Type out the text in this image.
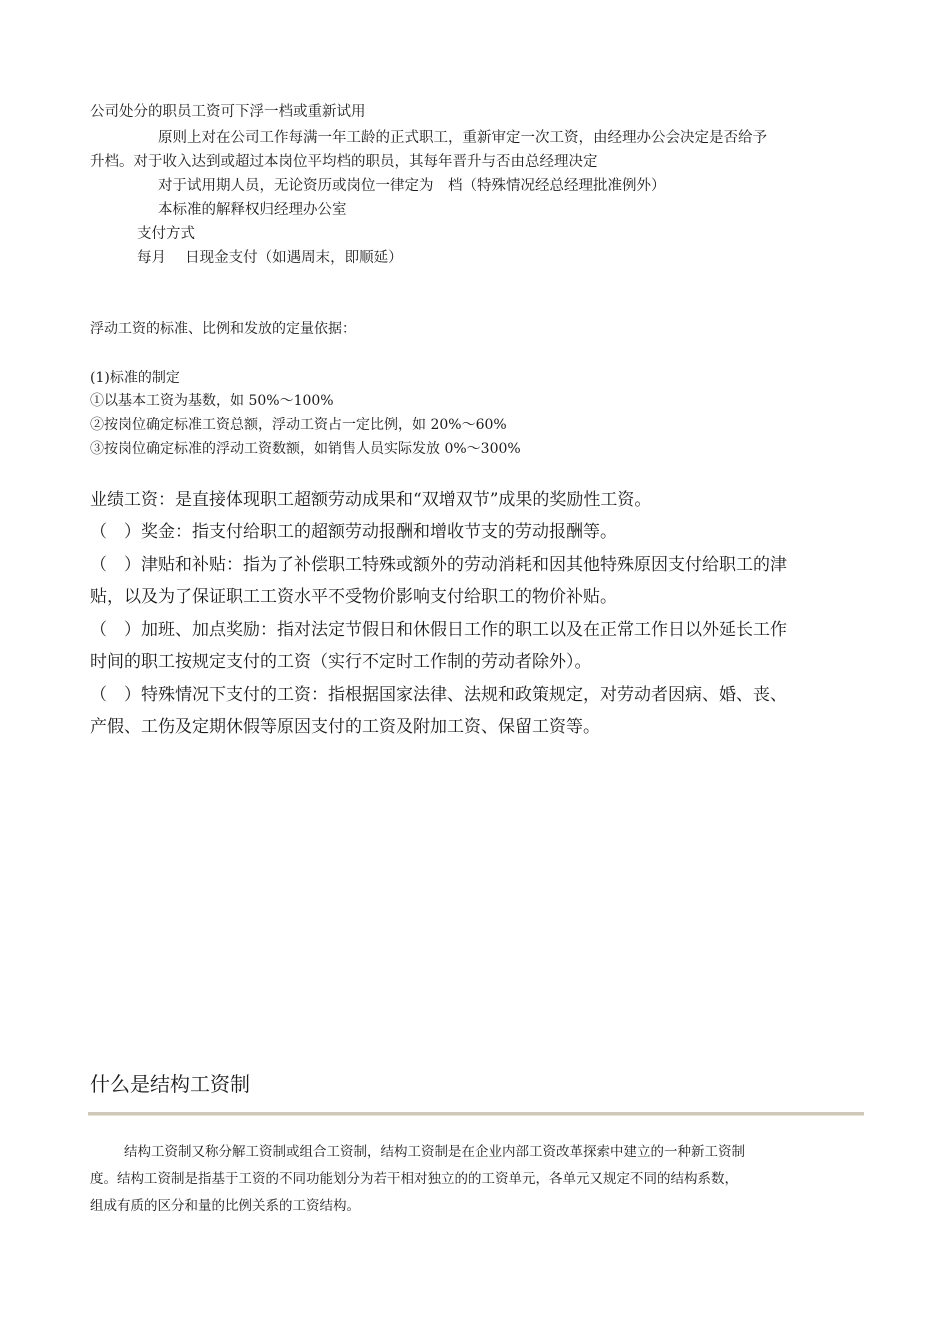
公司处分的职员工资可下浮一档或重新试用

原则上对在公司工作每满一年工龄的正式职工，重新审定一次工资，由经理办公会决定是否给予

升档。对于收入达到或超过本岗位平均档的职员，其每年晋升与否由总经理决定

对于试用期人员，无论资历或岗位一律定为　档（特殊情况经总经理批准例外）

本标准的解释权归经理办公室

支付方式

每月　 日现金支付（如遇周末，即顺延）

浮动工资的标准、比例和发放的定量依据：

(1)标准的制定

①以基本工资为基数，如 50%～100%

②按岗位确定标准工资总额，浮动工资占一定比例，如 20%～60%

③按岗位确定标准的浮动工资数额，如销售人员实际发放 0%～300%

业绩工资：是直接体现职工超额劳动成果和“双增双节”成果的奖励性工资。

（　）奖金：指支付给职工的超额劳动报酬和增收节支的劳动报酬等。

（　）津贴和补贴：指为了补偿职工特殊或额外的劳动消耗和因其他特殊原因支付给职工的津

贴，以及为了保证职工工资水平不受物价影响支付给职工的物价补贴。

（　）加班、加点奖励：指对法定节假日和休假日工作的职工以及在正常工作日以外延长工作

时间的职工按规定支付的工资（实行不定时工作制的劳动者除外）。

（　）特殊情况下支付的工资：指根据国家法律、法规和政策规定，对劳动者因病、婚、丧、

产假、工伤及定期休假等原因支付的工资及附加工资、保留工资等。

什么是结构工资制

结构工资制又称分解工资制或组合工资制，结构工资制是在企业内部工资改革探索中建立的一种新工资制

度。结构工资制是指基于工资的不同功能划分为若干相对独立的的工资单元，各单元又规定不同的结构系数，

组成有质的区分和量的比例关系的工资结构。
